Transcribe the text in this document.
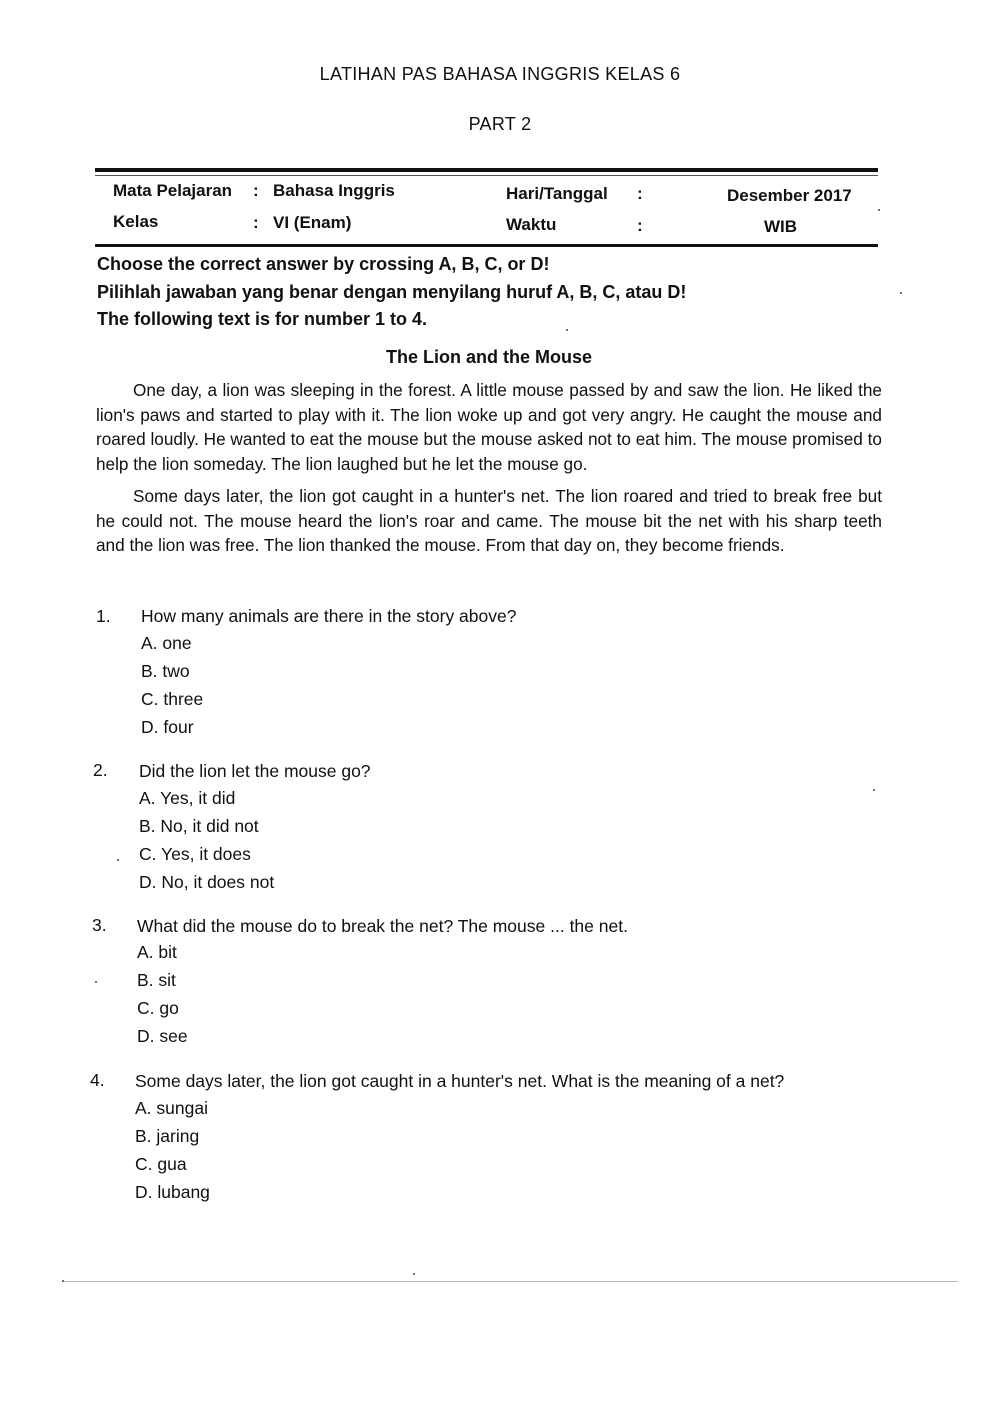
LATIHAN PAS BAHASA INGGRIS KELAS 6
PART 2
Mata Pelajaran : Bahasa Inggris	Hari/Tanggal :	Desember 2017
Kelas	: VI (Enam)	Waktu	:	WIB
Choose the correct answer by crossing A, B, C, or D!
Pilihlah jawaban yang benar dengan menyilang huruf A, B, C, atau D!
The following text is for number 1 to 4.
The Lion and the Mouse

One day, a lion was sleeping in the forest. A little mouse passed by and saw the lion. He liked the lion's paws and started to play with it. The lion woke up and got very angry. He caught the mouse and roared loudly. He wanted to eat the mouse but the mouse asked not to eat him. The mouse promised to help the lion someday. The lion laughed but he let the mouse go.

Some days later, the lion got caught in a hunter's net. The lion roared and tried to break free but he could not. The mouse heard the lion's roar and came. The mouse bit the net with his sharp teeth and the lion was free. The lion thanked the mouse. From that day on, they become friends.

1. How many animals are there in the story above?
A. one
B. two
C. three
D. four
2. Did the lion let the mouse go?
A. Yes, it did
B. No, it did not
C. Yes, it does
D. No, it does not
3. What did the mouse do to break the net? The mouse ... the net.
A. bit
B. sit
C. go
D. see
4. Some days later, the lion got caught in a hunter's net. What is the meaning of a net?
A. sungai
B. jaring
C. gua
D. lubang
